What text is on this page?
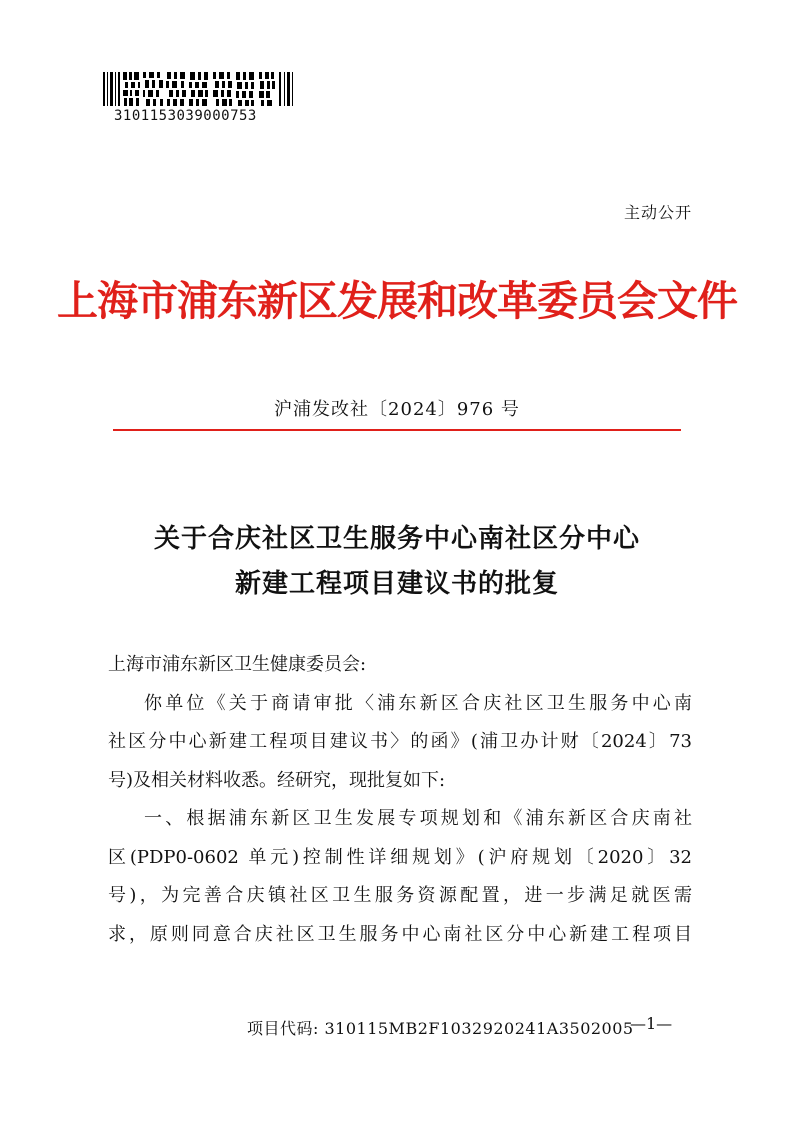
3101153039000753
主动公开
上海市浦东新区发展和改革委员会文件
沪浦发改社〔2024〕976 号
关于合庆社区卫生服务中心南社区分中心
新建工程项目建议书的批复

上海市浦东新区卫生健康委员会:

你单位《关于商请审批〈浦东新区合庆社区卫生服务中心南

社区分中心新建工程项目建议书〉的函》(浦卫办计财〔2024〕73

号)及相关材料收悉。经研究，现批复如下:

一、根据浦东新区卫生发展专项规划和《浦东新区合庆南社

区(PDP0-0602 单元)控制性详细规划》(沪府规划〔2020〕32

号)，为完善合庆镇社区卫生服务资源配置，进一步满足就医需

求，原则同意合庆社区卫生服务中心南社区分中心新建工程项目

项目代码: 310115MB2F1032920241A3502005
—1—
